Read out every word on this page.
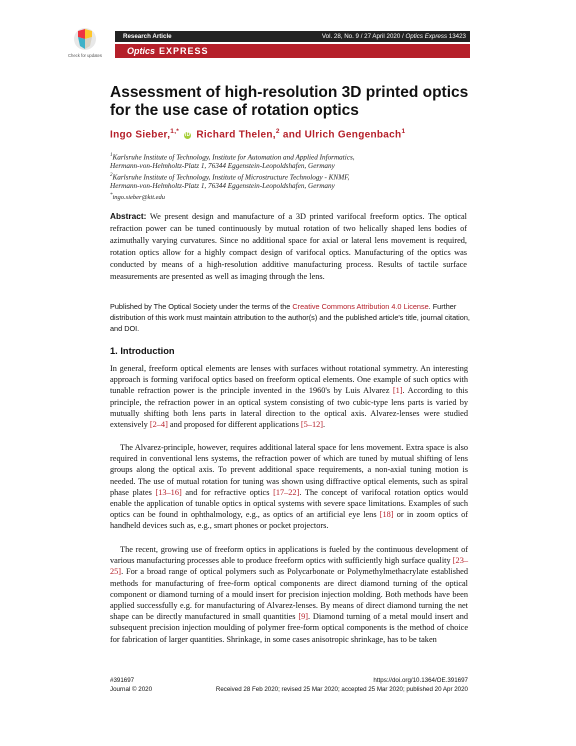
Check for updates
Research Article	Vol. 28, No. 9 / 27 April 2020 / Optics Express 13423
Optics EXPRESS
Assessment of high-resolution 3D printed optics for the use case of rotation optics
Ingo Sieber,$^{1,*}$ iD Richard Thelen,$^2$ and Ulrich Gengenbach$^1$
$^1$Karlsruhe Institute of Technology, Institute for Automation and Applied Informatics,
Hermann-von-Helmholtz-Platz 1, 76344 Eggenstein-Leopoldshafen, Germany
$^2$Karlsruhe Institute of Technology, Institute of Microstructure Technology - KNMF,
Hermann-von-Helmholtz-Platz 1, 76344 Eggenstein-Leopoldshafen, Germany
*ingo.sieber@kit.edu
Abstract: We present design and manufacture of a 3D printed varifocal freeform optics. The optical refraction power can be tuned continuously by mutual rotation of two helically shaped lens bodies of azimuthally varying curvatures. Since no additional space for axial or lateral lens movement is required, rotation optics allow for a highly compact design of varifocal optics. Manufacturing of the optics was conducted by means of a high-resolution additive manufacturing process. Results of tactile surface measurements are presented as well as imaging through the lens.
Published by The Optical Society under the terms of the Creative Commons Attribution 4.0 License. Further distribution of this work must maintain attribution to the author(s) and the published article's title, journal citation, and DOI.
1. Introduction
In general, freeform optical elements are lenses with surfaces without rotational symmetry. An interesting approach is forming varifocal optics based on freeform optical elements. One example of such optics with tunable refraction power is the principle invented in the 1960's by Luis Alvarez [1]. According to this principle, the refraction power in an optical system consisting of two cubic-type lens parts is varied by mutually shifting both lens parts in lateral direction to the optical axis. Alvarez-lenses were studied extensively [2–4] and proposed for different applications [5–12].
The Alvarez-principle, however, requires additional lateral space for lens movement. Extra space is also required in conventional lens systems, the refraction power of which are tuned by mutual shifting of lens groups along the optical axis. To prevent additional space requirements, a non-axial tuning motion is needed. The use of mutual rotation for tuning was shown using diffractive optical elements, such as spiral phase plates [13–16] and for refractive optics [17–22]. The concept of varifocal rotation optics would enable the application of tunable optics in optical systems with severe space limitations. Examples of such optics can be found in ophthalmology, e.g., as optics of an artificial eye lens [18] or in zoom optics of handheld devices such as, e.g., smart phones or pocket projectors.
The recent, growing use of freeform optics in applications is fueled by the continuous development of various manufacturing processes able to produce freeform optics with sufficiently high surface quality [23–25]. For a broad range of optical polymers such as Polycarbonate or Polymethylmethacrylate established methods for manufacturing of free-form optical components are direct diamond turning of the optical component or diamond turning of a mould insert for precision injection molding. Both methods have been applied successfully e.g. for manufacturing of Alvarez-lenses. By means of direct diamond turning the net shape can be directly manufactured in small quantities [9]. Diamond turning of a metal mould insert and subsequent precision injection moulding of polymer free-form optical components is the method of choice for fabrication of larger quantities. Shrinkage, in some cases anisotropic shrinkage, has to be taken
#391697
Journal © 2020
https://doi.org/10.1364/OE.391697
Received 28 Feb 2020; revised 25 Mar 2020; accepted 25 Mar 2020; published 20 Apr 2020
